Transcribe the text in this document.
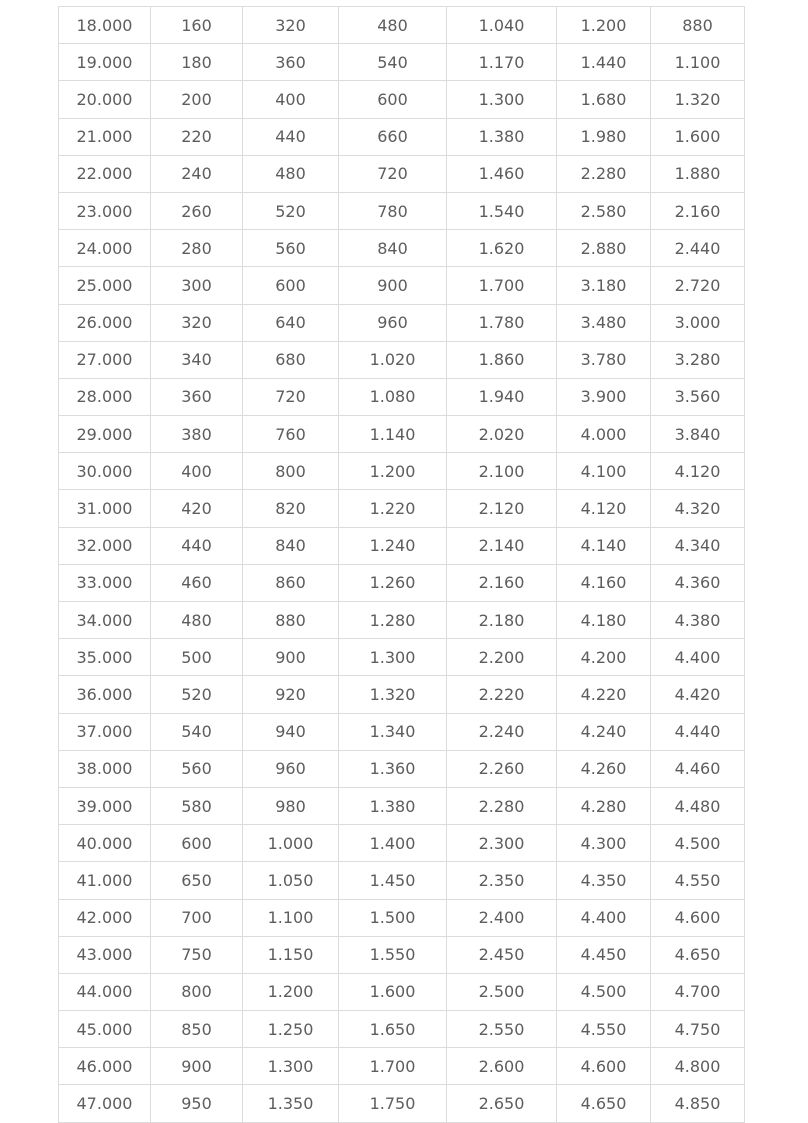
18.000	160	320	480	1.040	1.200	880
19.000	180	360	540	1.170	1.440	1.100
20.000	200	400	600	1.300	1.680	1.320
21.000	220	440	660	1.380	1.980	1.600
22.000	240	480	720	1.460	2.280	1.880
23.000	260	520	780	1.540	2.580	2.160
24.000	280	560	840	1.620	2.880	2.440
25.000	300	600	900	1.700	3.180	2.720
26.000	320	640	960	1.780	3.480	3.000
27.000	340	680	1.020	1.860	3.780	3.280
28.000	360	720	1.080	1.940	3.900	3.560
29.000	380	760	1.140	2.020	4.000	3.840
30.000	400	800	1.200	2.100	4.100	4.120
31.000	420	820	1.220	2.120	4.120	4.320
32.000	440	840	1.240	2.140	4.140	4.340
33.000	460	860	1.260	2.160	4.160	4.360
34.000	480	880	1.280	2.180	4.180	4.380
35.000	500	900	1.300	2.200	4.200	4.400
36.000	520	920	1.320	2.220	4.220	4.420
37.000	540	940	1.340	2.240	4.240	4.440
38.000	560	960	1.360	2.260	4.260	4.460
39.000	580	980	1.380	2.280	4.280	4.480
40.000	600	1.000	1.400	2.300	4.300	4.500
41.000	650	1.050	1.450	2.350	4.350	4.550
42.000	700	1.100	1.500	2.400	4.400	4.600
43.000	750	1.150	1.550	2.450	4.450	4.650
44.000	800	1.200	1.600	2.500	4.500	4.700
45.000	850	1.250	1.650	2.550	4.550	4.750
46.000	900	1.300	1.700	2.600	4.600	4.800
47.000	950	1.350	1.750	2.650	4.650	4.850
